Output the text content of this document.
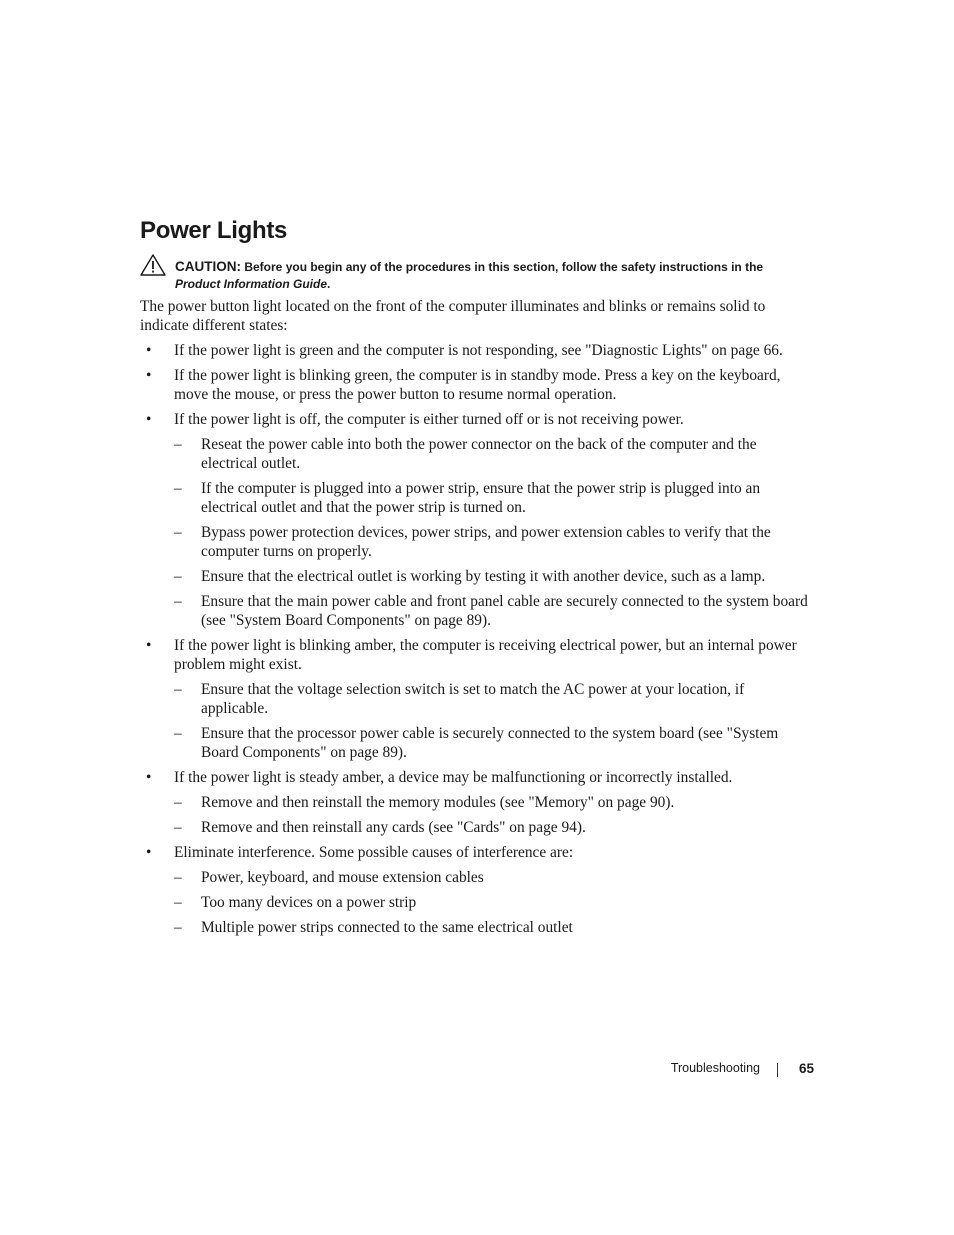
Power Lights
CAUTION: Before you begin any of the procedures in this section, follow the safety instructions in the Product Information Guide.

The power button light located on the front of the computer illuminates and blinks or remains solid to indicate different states:

• If the power light is green and the computer is not responding, see "Diagnostic Lights" on page 66.
• If the power light is blinking green, the computer is in standby mode. Press a key on the keyboard, move the mouse, or press the power button to resume normal operation.
• If the power light is off, the computer is either turned off or is not receiving power.
– Reseat the power cable into both the power connector on the back of the computer and the electrical outlet.
– If the computer is plugged into a power strip, ensure that the power strip is plugged into an electrical outlet and that the power strip is turned on.
– Bypass power protection devices, power strips, and power extension cables to verify that the computer turns on properly.
– Ensure that the electrical outlet is working by testing it with another device, such as a lamp.
– Ensure that the main power cable and front panel cable are securely connected to the system board (see "System Board Components" on page 89).
• If the power light is blinking amber, the computer is receiving electrical power, but an internal power problem might exist.
– Ensure that the voltage selection switch is set to match the AC power at your location, if applicable.
– Ensure that the processor power cable is securely connected to the system board (see "System Board Components" on page 89).
• If the power light is steady amber, a device may be malfunctioning or incorrectly installed.
– Remove and then reinstall the memory modules (see "Memory" on page 90).
– Remove and then reinstall any cards (see "Cards" on page 94).
• Eliminate interference. Some possible causes of interference are:
– Power, keyboard, and mouse extension cables
– Too many devices on a power strip
– Multiple power strips connected to the same electrical outlet
Troubleshooting	65
